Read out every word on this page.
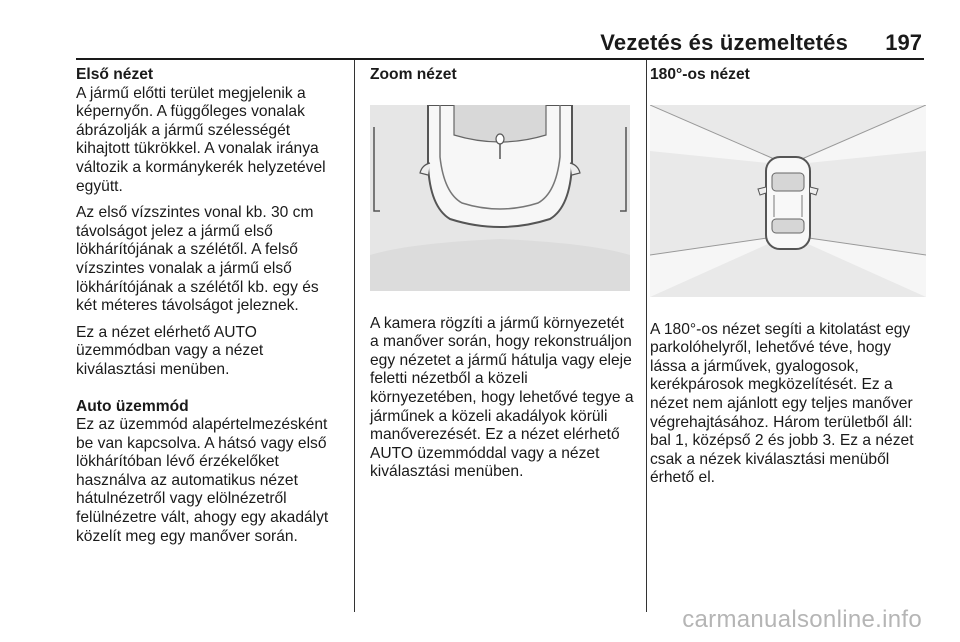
Vezetés és üzemeltetés 197
Első nézet

A jármű előtti terület megjelenik a képernyőn. A függőleges vonalak ábrázolják a jármű szélességét kihajtott tükrökkel. A vonalak iránya változik a kormánykerék helyzetével együtt.

Az első vízszintes vonal kb. 30 cm távolságot jelez a jármű első lökhárítójának a szélétől. A felső vízszintes vonalak a jármű első lökhárítójának a szélétől kb. egy és két méteres távolságot jeleznek.

Ez a nézet elérhető AUTO üzemmódban vagy a nézet kiválasztási menüben.

Auto üzemmód

Ez az üzemmód alapértelmezésként be van kapcsolva. A hátsó vagy első lökhárítóban lévő érzékelőket használva az automatikus nézet hátulnézetről vagy elölnézetről felülnézetre vált, ahogy egy akadályt közelít meg egy manőver során.

Zoom nézet

A kamera rögzíti a jármű környezetét a manőver során, hogy rekonstruáljon egy nézetet a jármű hátulja vagy eleje feletti nézetből a közeli környezetében, hogy lehetővé tegye a járműnek a közeli akadályok körüli manőverezését. Ez a nézet elérhető AUTO üzemmóddal vagy a nézet kiválasztási menüben.

180°-os nézet

A 180°-os nézet segíti a kitolatást egy parkolóhelyről, lehetővé téve, hogy lássa a járművek, gyalogosok, kerékpárosok megközelítését. Ez a nézet nem ajánlott egy teljes manőver végrehajtásához. Három területből áll: bal 1, középső 2 és jobb 3. Ez a nézet csak a nézek kiválasztási menüből érhető el.

carmanualsonline.info
